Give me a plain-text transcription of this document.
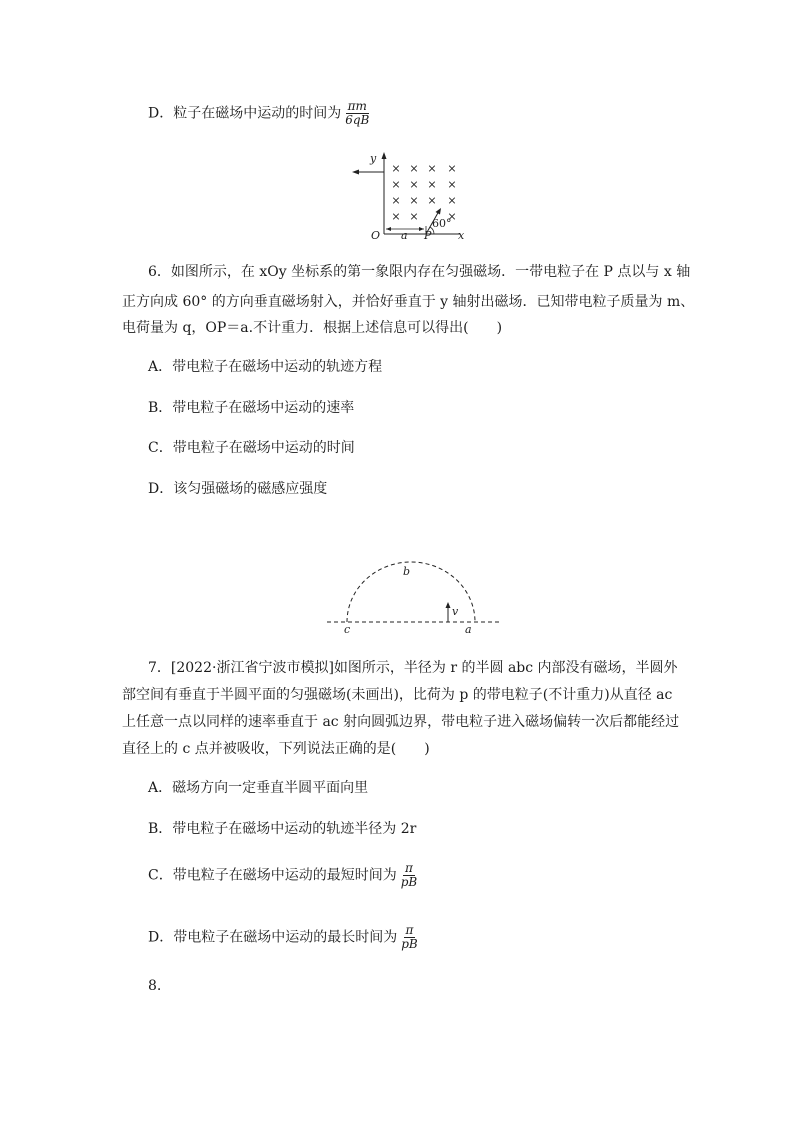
D．粒子在磁场中运动的时间为 $\frac{\pi m}{6qB}$
× × × ×
× × × ×
× × × ×
× ×	×
60°
y
x
O a P
6．如图所示，在 xOy 坐标系的第一象限内存在匀强磁场．一带电粒子在 P 点以与 x 轴
正方向成 60° 的方向垂直磁场射入，并恰好垂直于 y 轴射出磁场．已知带电粒子质量为 m、
电荷量为 q，OP＝a.不计重力．根据上述信息可以得出(　　)
A．带电粒子在磁场中运动的轨迹方程
B．带电粒子在磁场中运动的速率
C．带电粒子在磁场中运动的时间
D．该匀强磁场的磁感应强度
v
b
c	a
7．[2022·浙江省宁波市模拟]如图所示，半径为 r 的半圆 abc 内部没有磁场，半圆外
部空间有垂直于半圆平面的匀强磁场(未画出)，比荷为 p 的带电粒子(不计重力)从直径 ac
上任意一点以同样的速率垂直于 ac 射向圆弧边界，带电粒子进入磁场偏转一次后都能经过
直径上的 c 点并被吸收，下列说法正确的是(　　)
A．磁场方向一定垂直半圆平面向里
B．带电粒子在磁场中运动的轨迹半径为 2r
C．带电粒子在磁场中运动的最短时间为 $\frac{\pi}{pB}$
D．带电粒子在磁场中运动的最长时间为 $\frac{\pi}{pB}$
8.
